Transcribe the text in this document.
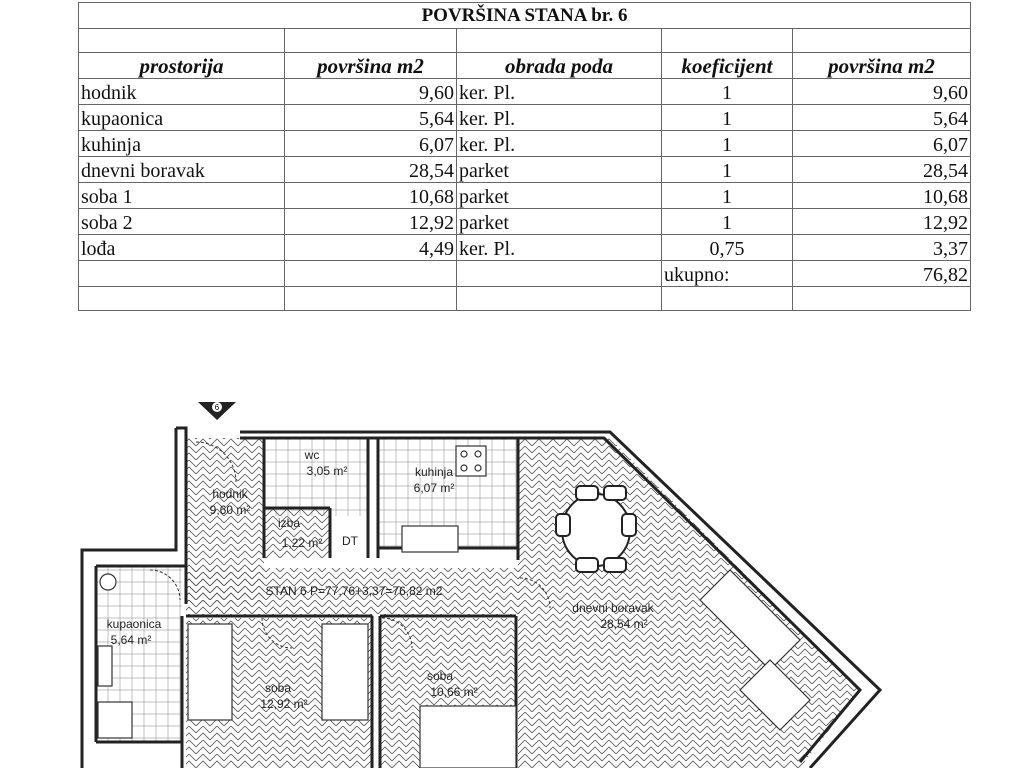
POVRŠINA STANA br. 6				

prostorija	površina m2	obrada poda	koeficijent	površina m2
hodnik	9,60	ker. Pl.	1	9,60
kupaonica	5,64	ker. Pl.	1	5,64
kuhinja	6,07	ker. Pl.	1	6,07
dnevni boravak	28,54	parket	1	28,54
soba 1	10,68	parket	1	10,68
soba 2	12,92	parket	1	12,92
lođa	4,49	ker. Pl.	0,75	3,37
			ukupno:	76,82

6
wc
3,05 m²	kuhinja
6,07 m²
hodnik
9,60 m²
izba
1,22 m² DT
STAN 6 P=77,76+3,37=76,82 m2
kupaonica
5,64 m²
dnevni boravak
28,54 m²
soba
12,92 m²
soba
10,66 m²
